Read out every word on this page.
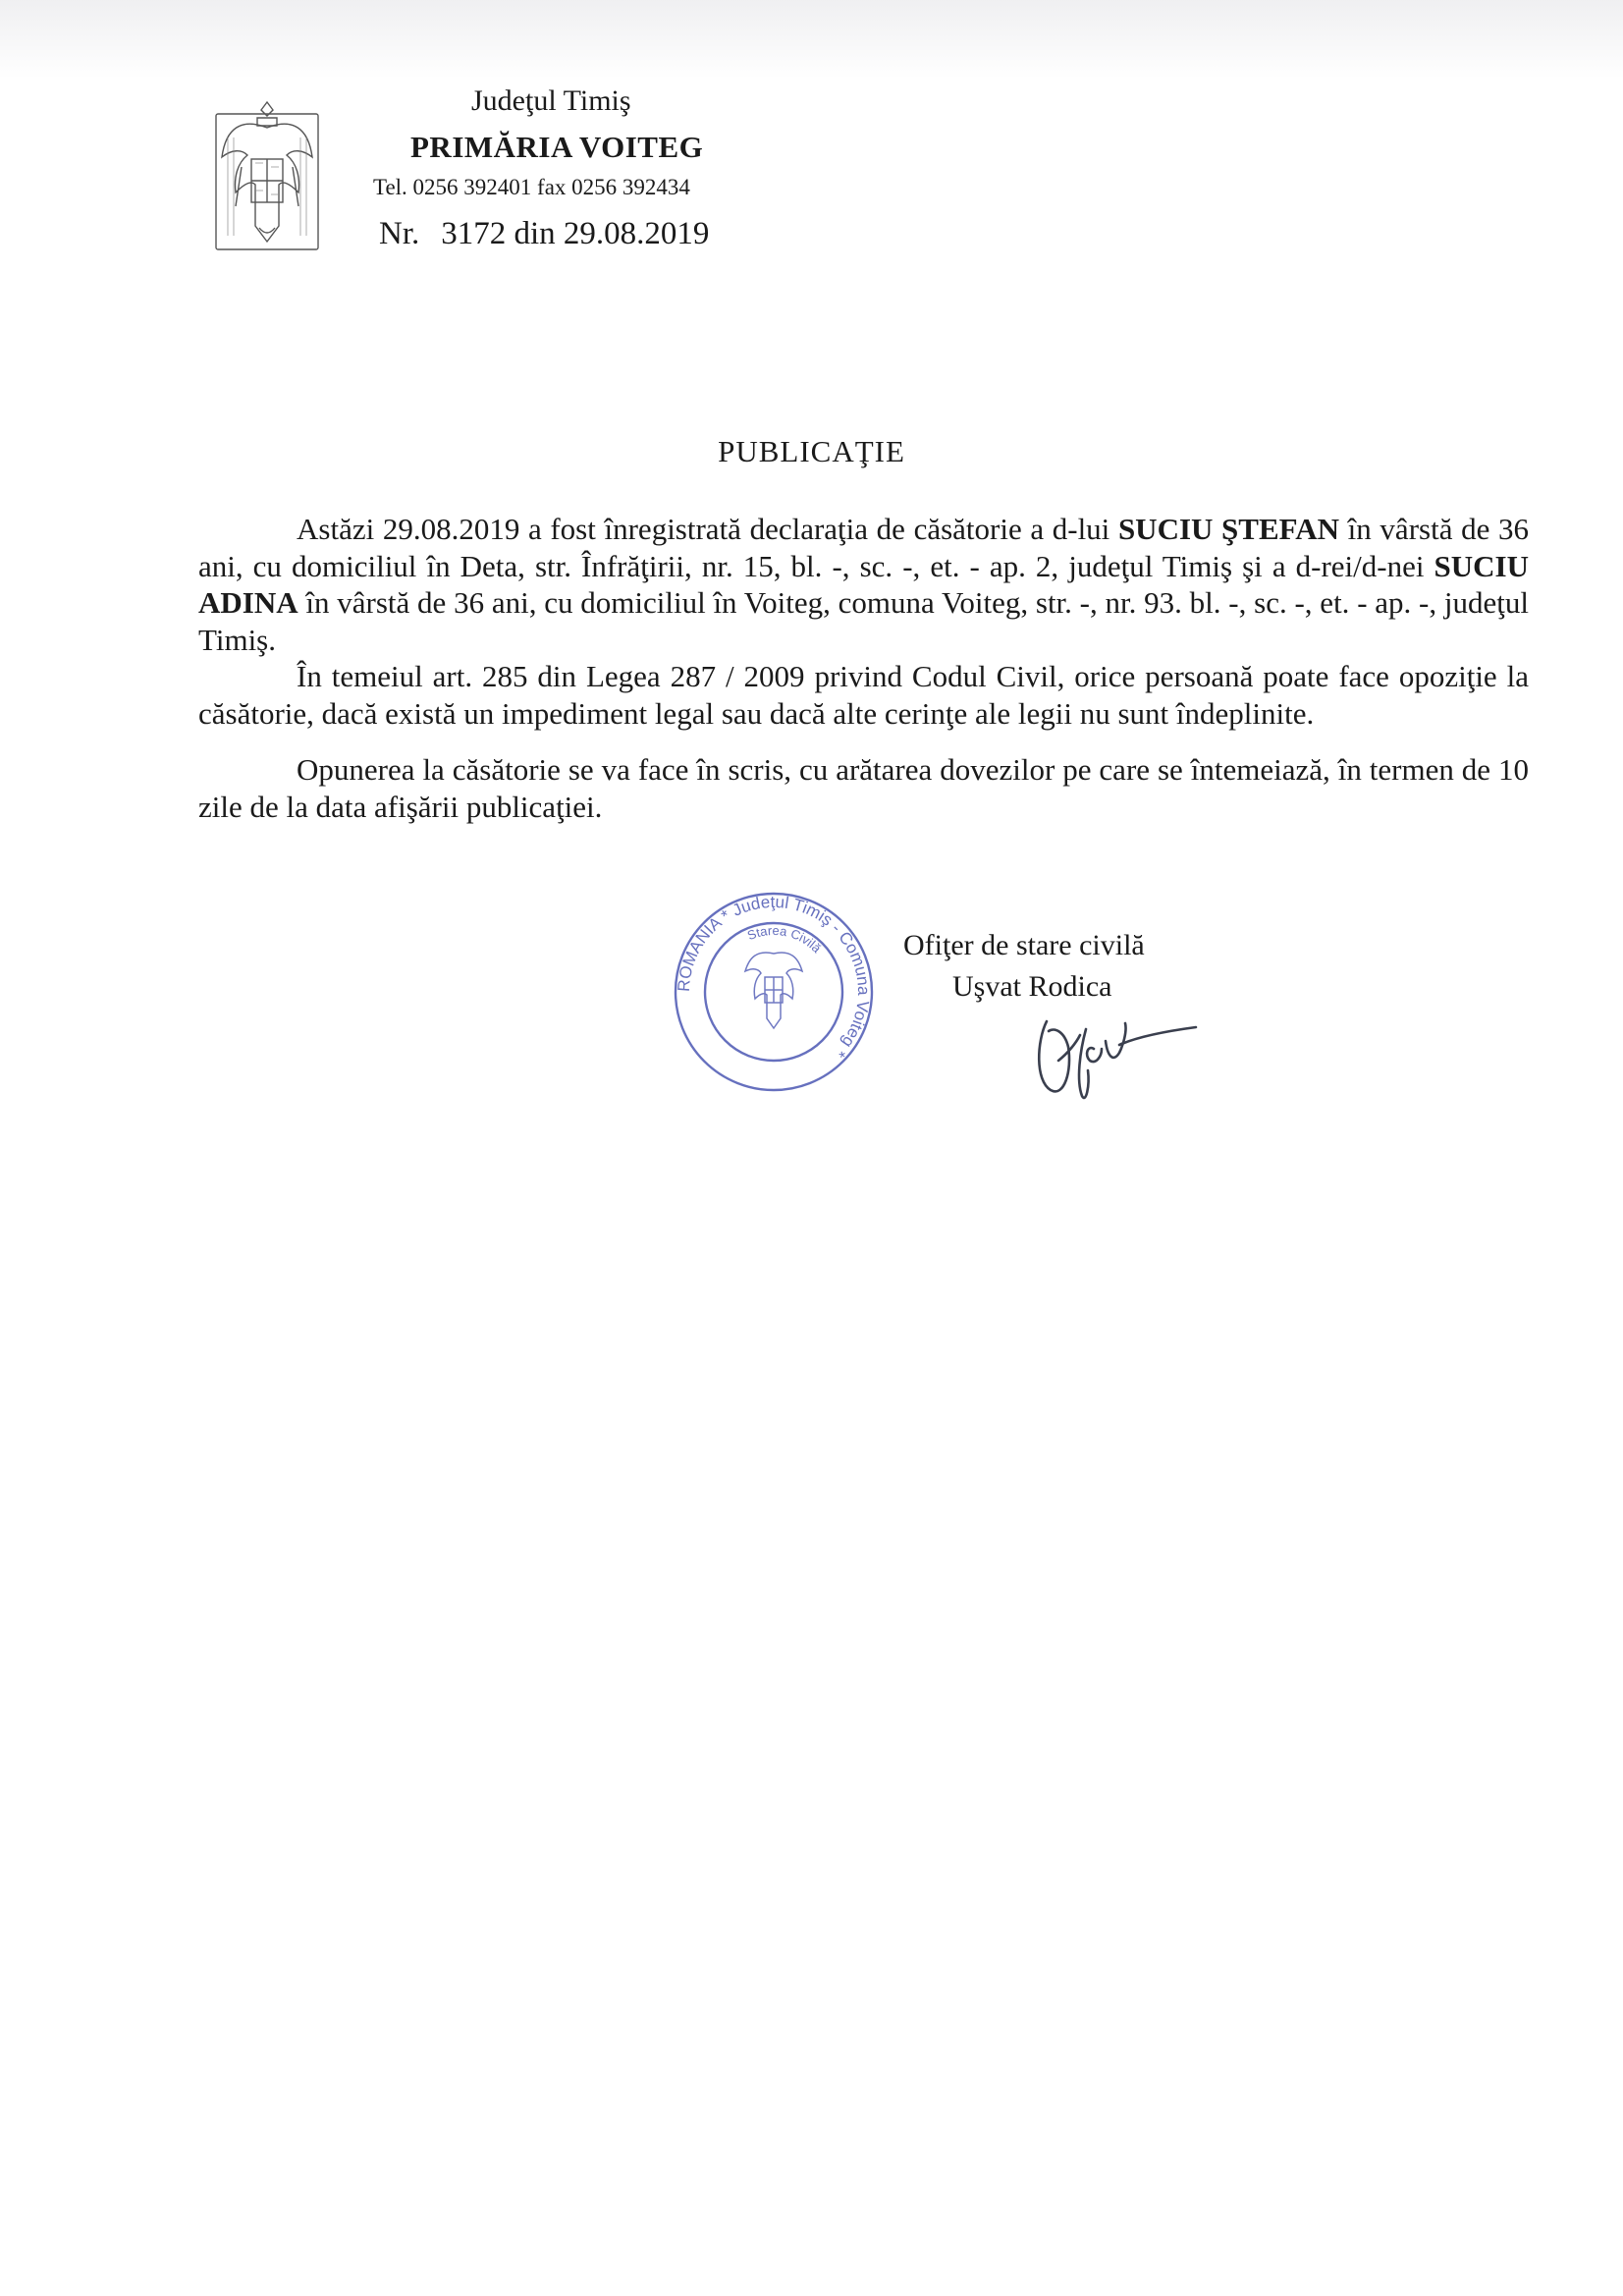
Judeţul Timiş
PRIMĂRIA VOITEG
Tel. 0256 392401 fax 0256 392434
Nr. 3172 din 29.08.2019
PUBLICAŢIE

Astăzi 29.08.2019 a fost înregistrată declaraţia de căsătorie a d-lui SUCIU ŞTEFAN în vârstă de 36 ani, cu domiciliul în Deta, str. Înfrăţirii, nr. 15, bl. -, sc. -, et. - ap. 2, judeţul Timiş şi a d-rei/d-nei SUCIU ADINA în vârstă de 36 ani, cu domiciliul în Voiteg, comuna Voiteg, str. -, nr. 93. bl. -, sc. -, et. - ap. -, judeţul Timiş.

În temeiul art. 285 din Legea 287 / 2009 privind Codul Civil, orice persoană poate face opoziţie la căsătorie, dacă există un impediment legal sau dacă alte cerinţe ale legii nu sunt îndeplinite.

Opunerea la căsătorie se va face în scris, cu arătarea dovezilor pe care se întemeiază, în termen de 10 zile de la data afişării publicaţiei.

ROMANIA * Judeţul Timiş - Comuna Voiteg *
Starea Civilă	Ofiţer de stare civilă
Uşvat Rodica
